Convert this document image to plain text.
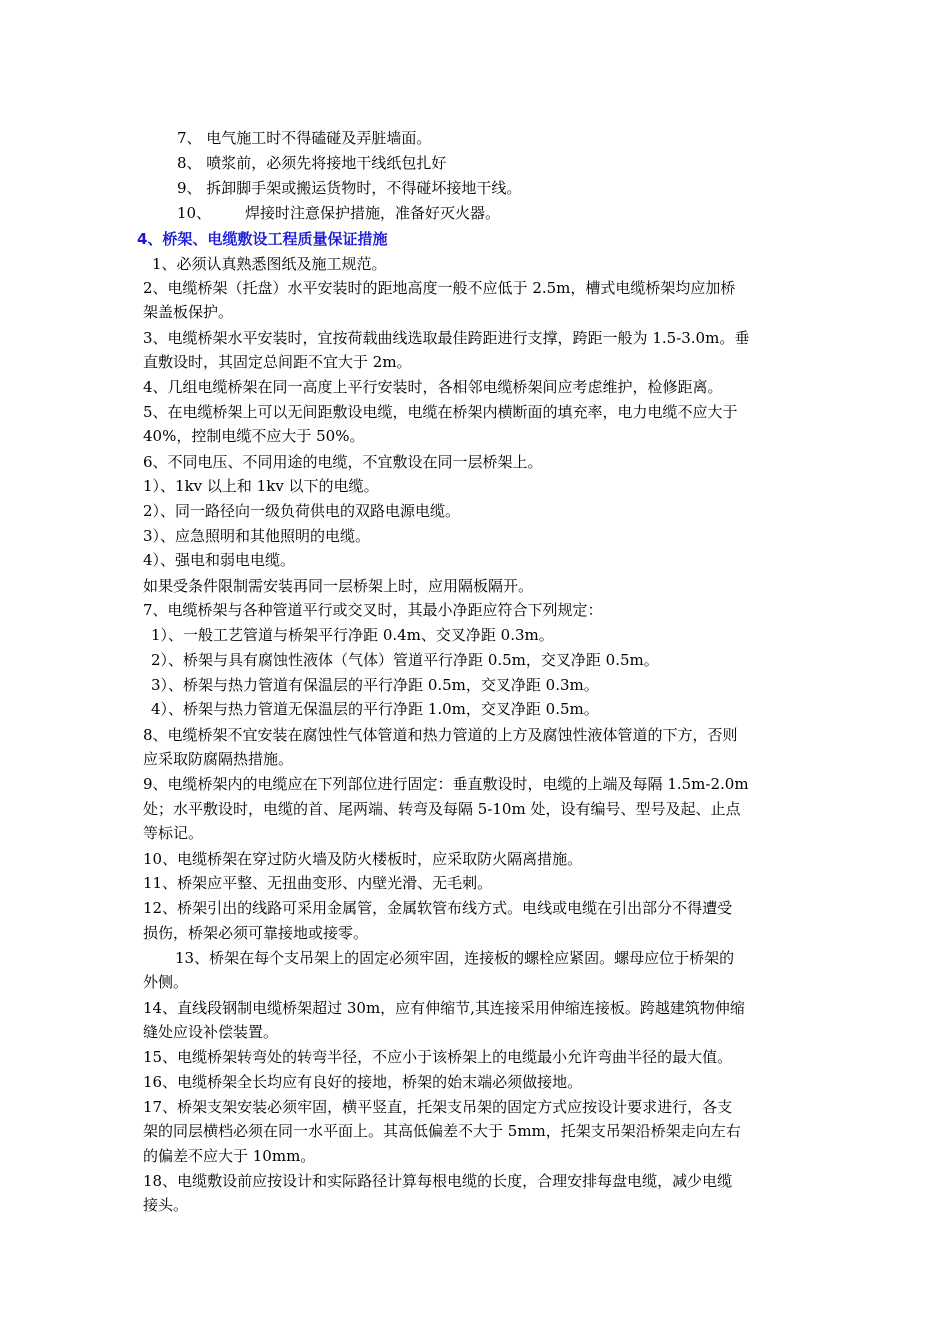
7、 电气施工时不得磕碰及弄脏墙面。
8、 喷浆前，必须先将接地干线纸包扎好
9、 拆卸脚手架或搬运货物时，不得碰坏接地干线。
10、 焊接时注意保护措施，准备好灭火器。
4、桥架、电缆敷设工程质量保证措施
1、必须认真熟悉图纸及施工规范。
2、电缆桥架（托盘）水平安装时的距地高度一般不应低于 2.5m，槽式电缆桥架均应加桥
架盖板保护。
3、电缆桥架水平安装时，宜按荷载曲线选取最佳跨距进行支撑，跨距一般为 1.5-3.0m。垂
直敷设时，其固定总间距不宜大于 2m。
4、几组电缆桥架在同一高度上平行安装时，各相邻电缆桥架间应考虑维护，检修距离。
5、在电缆桥架上可以无间距敷设电缆，电缆在桥架内横断面的填充率，电力电缆不应大于
40%，控制电缆不应大于 50%。
6、不同电压、不同用途的电缆，不宜敷设在同一层桥架上。
1）、1kv 以上和 1kv 以下的电缆。
2）、同一路径向一级负荷供电的双路电源电缆。
3）、应急照明和其他照明的电缆。
4）、强电和弱电电缆。
如果受条件限制需安装再同一层桥架上时，应用隔板隔开。
7、电缆桥架与各种管道平行或交叉时，其最小净距应符合下列规定：
1）、一般工艺管道与桥架平行净距 0.4m、交叉净距 0.3m。
2）、桥架与具有腐蚀性液体（气体）管道平行净距 0.5m，交叉净距 0.5m。
3）、桥架与热力管道有保温层的平行净距 0.5m，交叉净距 0.3m。
4）、桥架与热力管道无保温层的平行净距 1.0m，交叉净距 0.5m。
8、电缆桥架不宜安装在腐蚀性气体管道和热力管道的上方及腐蚀性液体管道的下方，否则
应采取防腐隔热措施。
9、电缆桥架内的电缆应在下列部位进行固定：垂直敷设时，电缆的上端及每隔 1.5m-2.0m
处；水平敷设时，电缆的首、尾两端、转弯及每隔 5-10m 处，设有编号、型号及起、止点
等标记。
10、电缆桥架在穿过防火墙及防火楼板时，应采取防火隔离措施。
11、桥架应平整、无扭曲变形、内壁光滑、无毛刺。
12、桥架引出的线路可采用金属管，金属软管布线方式。电线或电缆在引出部分不得遭受
损伤，桥架必须可靠接地或接零。
13、桥架在每个支吊架上的固定必须牢固，连接板的螺栓应紧固。螺母应位于桥架的
外侧。
14、直线段钢制电缆桥架超过 30m，应有伸缩节,其连接采用伸缩连接板。跨越建筑物伸缩
缝处应设补偿装置。
15、电缆桥架转弯处的转弯半径，不应小于该桥架上的电缆最小允许弯曲半径的最大值。
16、电缆桥架全长均应有良好的接地，桥架的始末端必须做接地。
17、桥架支架安装必须牢固，横平竖直，托架支吊架的固定方式应按设计要求进行，各支
架的同层横档必须在同一水平面上。其高低偏差不大于 5mm，托架支吊架沿桥架走向左右
的偏差不应大于 10mm。
18、电缆敷设前应按设计和实际路径计算每根电缆的长度，合理安排每盘电缆，减少电缆
接头。
